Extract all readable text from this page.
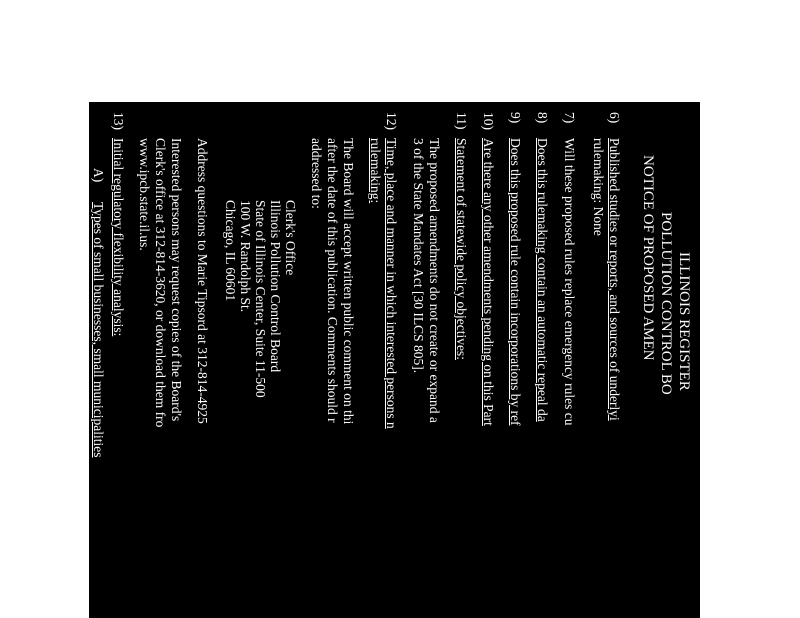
ILLINOIS REGISTER
POLLUTION CONTROL BO
NOTICE OF PROPOSED AMEN
6)
Published studies or reports, and sources of underlyi
rulemaking: None
7)
Will these proposed rules replace emergency rules cu
8)
Does this rulemaking contain an automatic repeal da
9)
Does this proposed rule contain incorporations by ref
10)
Are there any other amendments pending on this Part
11)
Statement of statewide policy objectives:
The proposed amendments do not create or expand a
3 of the State Mandates Act [30 ILCS 805].
12)
Time, place and manner in which interested persons n
rulemaking:
The Board will accept written public comment on thi
after the date of this publication. Comments should r
addressed to:
Clerk's Office
Illinois Pollution Control Board
State of Illinois Center, Suite 11-500
100 W. Randolph St.
Chicago, IL 60601
Address questions to Marie Tipsord at 312-814-4925
Interested persons may request copies of the Board's
Clerk's office at 312-814-3620, or download them fro
www.ipcb.state.il.us.
13)
Initial regulatory flexibility analysis:
A)
Types of small businesses, small municipalities
affected: This rulemaking will not impact any
